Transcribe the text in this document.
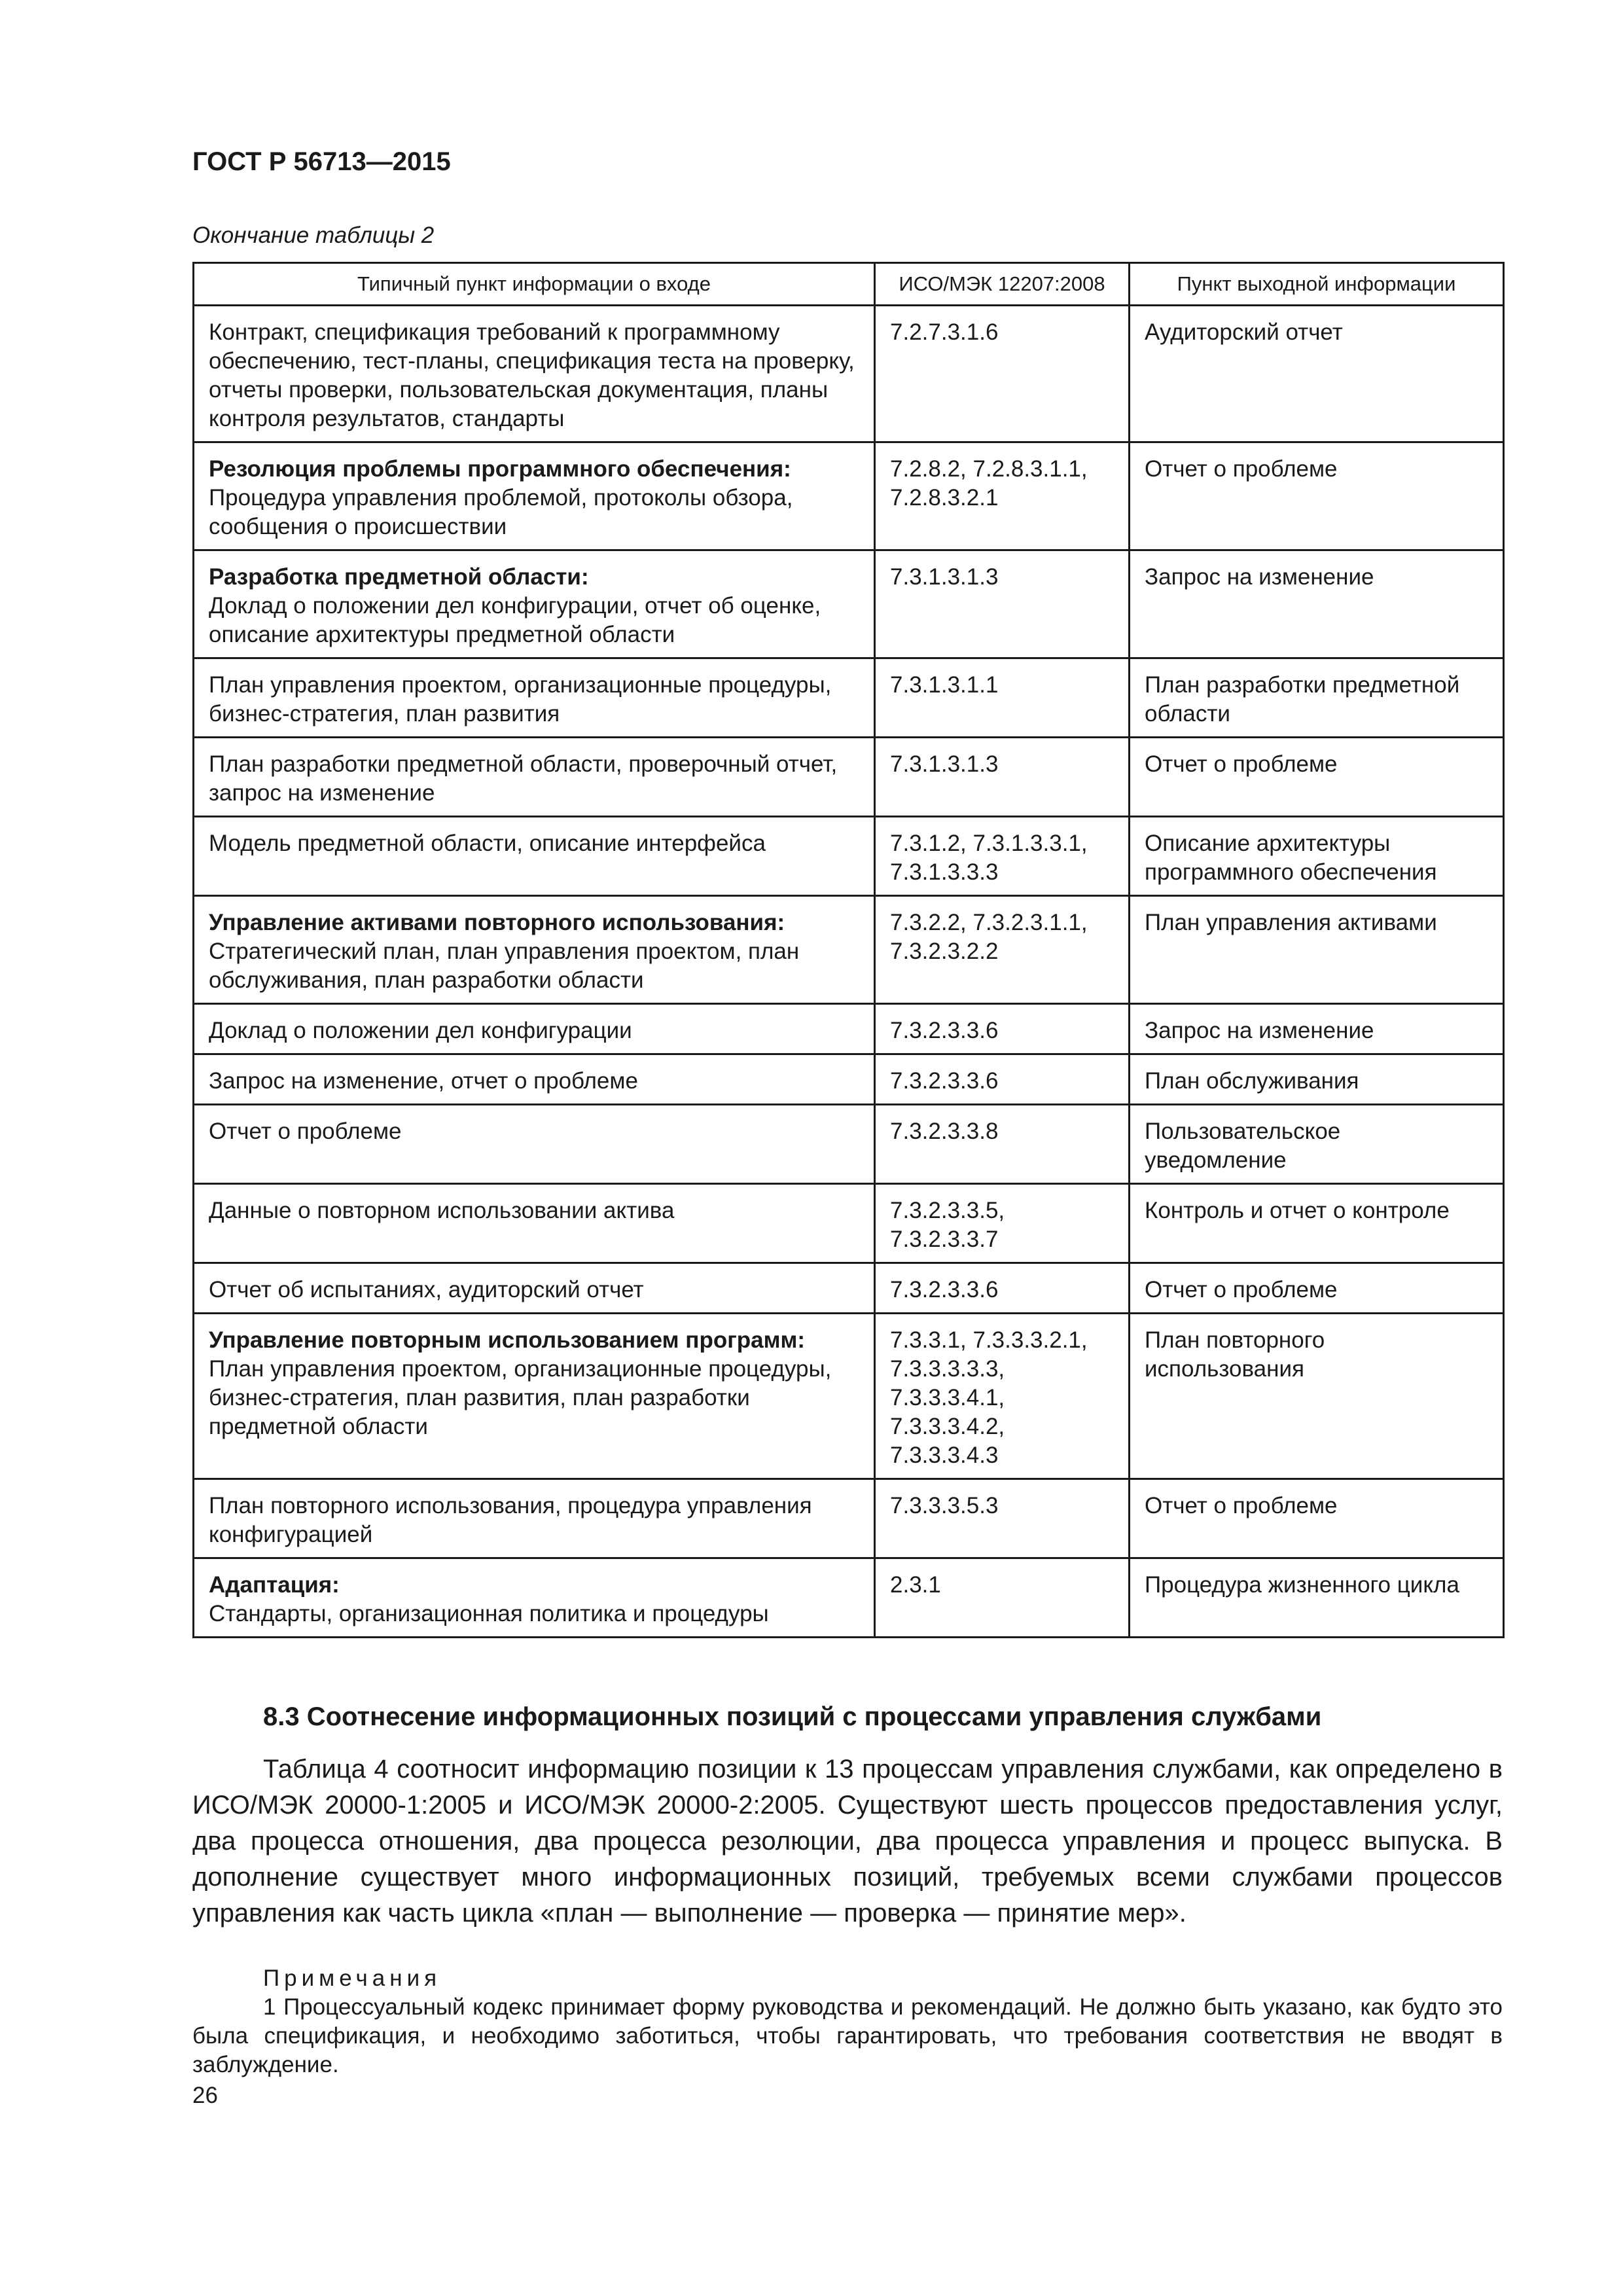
ГОСТ Р 56713—2015
Окончание таблицы 2
Типичный пункт информации о входе	ИСО/МЭК 12207:2008	Пункт выходной информации

Контракт, спецификация требований к программному обеспечению, тест-планы, спецификация теста на проверку, отчеты проверки, пользовательская документация, планы контроля результатов, стандарты	7.2.7.3.1.6	Аудиторский отчет

Резолюция проблемы программного обеспечения:
Процедура управления проблемой, протоколы обзора, сообщения о происшествии	7.2.8.2, 7.2.8.3.1.1, 7.2.8.3.2.1	Отчет о проблеме

Разработка предметной области:
Доклад о положении дел конфигурации, отчет об оценке, описание архитектуры предметной области	7.3.1.3.1.3	Запрос на изменение

План управления проектом, организационные процедуры, бизнес-стратегия, план развития	7.3.1.3.1.1	План разработки предметной области

План разработки предметной области, проверочный отчет, запрос на изменение	7.3.1.3.1.3	Отчет о проблеме

Модель предметной области, описание интерфейса	7.3.1.2, 7.3.1.3.3.1, 7.3.1.3.3.3	Описание архитектуры программного обеспечения

Управление активами повторного использования:
Стратегический план, план управления проектом, план обслуживания, план разработки области	7.3.2.2, 7.3.2.3.1.1, 7.3.2.3.2.2	План управления активами

Доклад о положении дел конфигурации	7.3.2.3.3.6	Запрос на изменение

Запрос на изменение, отчет о проблеме	7.3.2.3.3.6	План обслуживания

Отчет о проблеме	7.3.2.3.3.8	Пользовательское уведомление

Данные о повторном использовании актива	7.3.2.3.3.5, 7.3.2.3.3.7	Контроль и отчет о контроле

Отчет об испытаниях, аудиторский отчет	7.3.2.3.3.6	Отчет о проблеме

Управление повторным использованием программ:
План управления проектом, организационные процедуры, бизнес-стратегия, план развития, план разработки предметной области	7.3.3.1, 7.3.3.3.2.1, 7.3.3.3.3.3, 7.3.3.3.4.1, 7.3.3.3.4.2, 7.3.3.3.4.3	План повторного использования

План повторного использования, процедура управления конфигурацией	7.3.3.3.5.3	Отчет о проблеме

Адаптация:
Стандарты, организационная политика и процедуры	2.3.1	Процедура жизненного цикла
8.3 Соотнесение информационных позиций с процессами управления службами

Таблица 4 соотносит информацию позиции к 13 процессам управления службами, как определено в ИСО/МЭК 20000-1:2005 и ИСО/МЭК 20000-2:2005. Существуют шесть процессов предоставления услуг, два процесса отношения, два процесса резолюции, два процесса управления и процесс выпуска. В дополнение существует много информационных позиций, требуемых всеми службами процессов управления как часть цикла «план — выполнение — проверка — принятие мер».

Примечания

1 Процессуальный кодекс принимает форму руководства и рекомендаций. Не должно быть указано, как будто это была спецификация, и необходимо заботиться, чтобы гарантировать, что требования соответствия не вводят в заблуждение.

26
